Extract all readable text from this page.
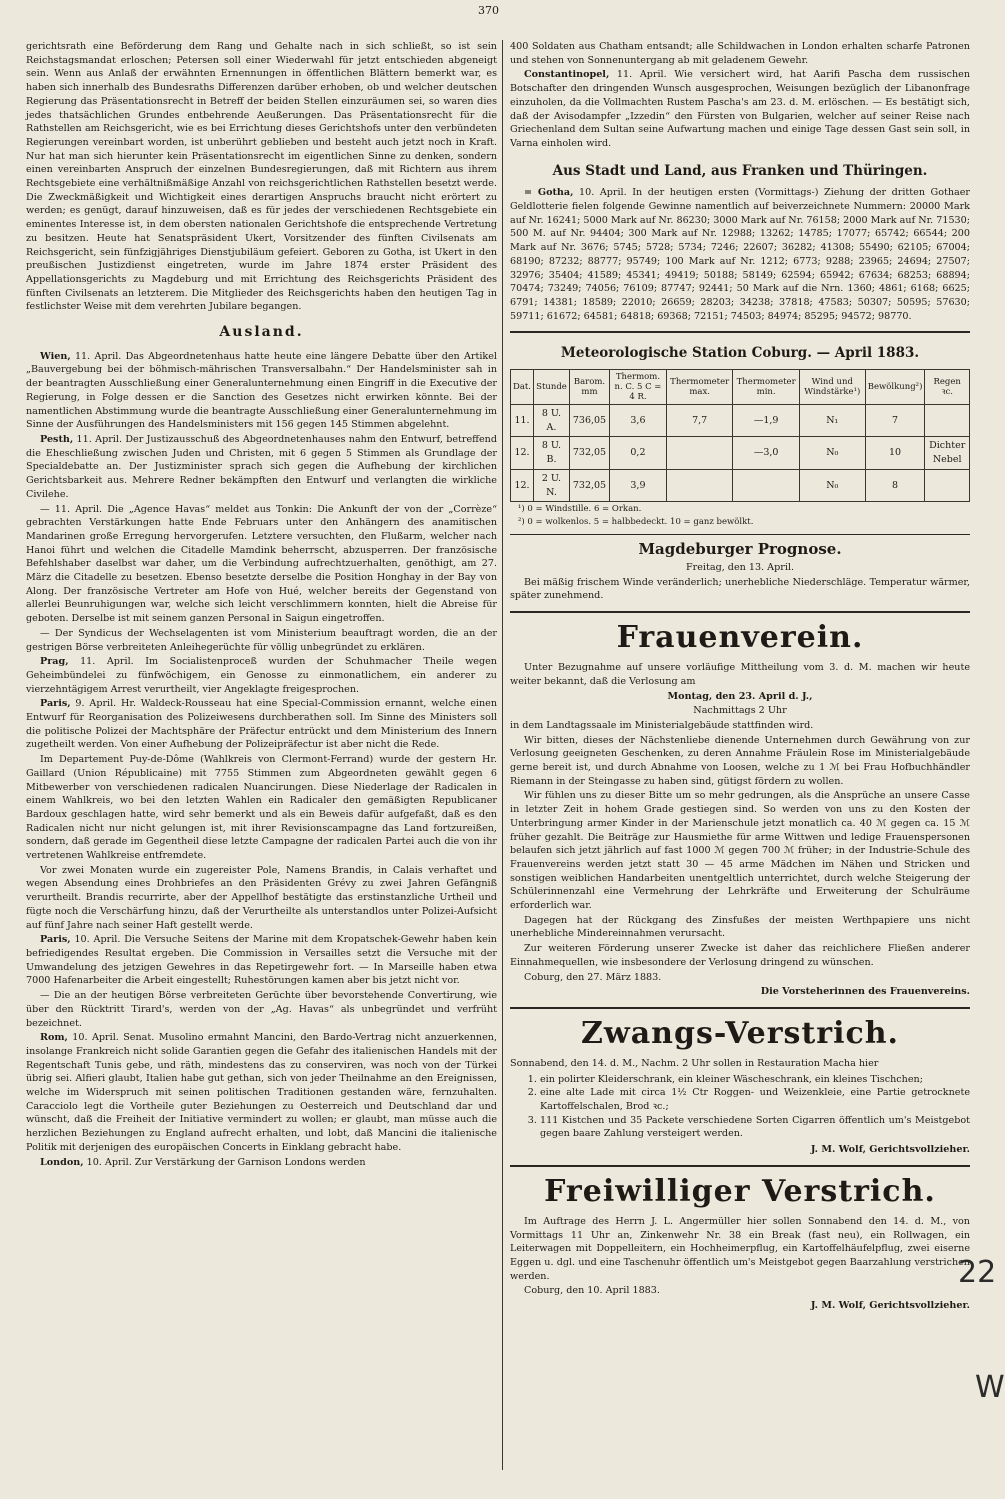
370

gerichtsrath eine Beförderung dem Rang und Gehalte nach in sich schließt, so ist sein Reichstagsmandat erloschen; Petersen soll einer Wiederwahl für jetzt entschieden abgeneigt sein. Wenn aus Anlaß der erwähnten Ernennungen in öffentlichen Blättern bemerkt war, es haben sich innerhalb des Bundesraths Differenzen darüber erhoben, ob und welcher deutschen Regierung das Präsentationsrecht in Betreff der beiden Stellen einzuräumen sei, so waren dies jedes thatsächlichen Grundes entbehrende Aeußerungen. Das Präsentationsrecht für die Rathstellen am Reichsgericht, wie es bei Errichtung dieses Gerichtshofs unter den verbündeten Regierungen vereinbart worden, ist unberührt geblieben und besteht auch jetzt noch in Kraft. Nur hat man sich hierunter kein Präsentationsrecht im eigentlichen Sinne zu denken, sondern einen vereinbarten Anspruch der einzelnen Bundesregierungen, daß mit Richtern aus ihrem Rechtsgebiete eine verhältnißmäßige Anzahl von reichsgerichtlichen Rathstellen besetzt werde. Die Zweckmäßigkeit und Wichtigkeit eines derartigen Anspruchs braucht nicht erörtert zu werden; es genügt, darauf hinzuweisen, daß es für jedes der verschiedenen Rechtsgebiete ein eminentes Interesse ist, in dem obersten nationalen Gerichtshofe die entsprechende Vertretung zu besitzen. Heute hat Senatspräsident Ukert, Vorsitzender des fünften Civilsenats am Reichsgericht, sein fünfzigjähriges Dienstjubiläum gefeiert. Geboren zu Gotha, ist Ukert in den preußischen Justizdienst eingetreten, wurde im Jahre 1874 erster Präsident des Appellationsgerichts zu Magdeburg und mit Errichtung des Reichsgerichts Präsident des fünften Civilsenats an letzterem. Die Mitglieder des Reichsgerichts haben den heutigen Tag in festlichster Weise mit dem verehrten Jubilare begangen.

Ausland.

Wien, 11. April. Das Abgeordnetenhaus hatte heute eine längere Debatte über den Artikel „Bauvergebung bei der böhmisch-mährischen Transversalbahn.“ Der Handelsminister sah in der beantragten Ausschließung einer Generalunternehmung einen Eingriff in die Executive der Regierung, in Folge dessen er die Sanction des Gesetzes nicht erwirken könnte. Bei der namentlichen Abstimmung wurde die beantragte Ausschließung einer Generalunternehmung im Sinne der Ausführungen des Handelsministers mit 156 gegen 145 Stimmen abgelehnt.

Pesth, 11. April. Der Justizausschuß des Abgeordnetenhauses nahm den Entwurf, betreffend die Eheschließung zwischen Juden und Christen, mit 6 gegen 5 Stimmen als Grundlage der Specialdebatte an. Der Justizminister sprach sich gegen die Aufhebung der kirchlichen Gerichtsbarkeit aus. Mehrere Redner bekämpften den Entwurf und verlangten die wirkliche Civilehe.

— 11. April. Die „Agence Havas“ meldet aus Tonkin: Die Ankunft der von der „Corrèze“ gebrachten Verstärkungen hatte Ende Februars unter den Anhängern des anamitischen Mandarinen große Erregung hervorgerufen. Letztere versuchten, den Flußarm, welcher nach Hanoi führt und welchen die Citadelle Mamdink beherrscht, abzusperren. Der französische Befehlshaber daselbst war daher, um die Verbindung aufrechtzuerhalten, genöthigt, am 27. März die Citadelle zu besetzen. Ebenso besetzte derselbe die Position Honghay in der Bay von Along. Der französische Vertreter am Hofe von Hué, welcher bereits der Gegenstand von allerlei Beunruhigungen war, welche sich leicht verschlimmern konnten, hielt die Abreise für geboten. Derselbe ist mit seinem ganzen Personal in Saigun eingetroffen.

— Der Syndicus der Wechselagenten ist vom Ministerium beauftragt worden, die an der gestrigen Börse verbreiteten Anleihegerüchte für völlig unbegründet zu erklären.

Prag, 11. April. Im Socialistenproceß wurden der Schuhmacher Theile wegen Geheimbündelei zu fünfwöchigem, ein Genosse zu einmonatlichem, ein anderer zu vierzehntägigem Arrest verurtheilt, vier Angeklagte freigesprochen.

Paris, 9. April. Hr. Waldeck-Rousseau hat eine Special-Commission ernannt, welche einen Entwurf für Reorganisation des Polizeiwesens durchberathen soll. Im Sinne des Ministers soll die politische Polizei der Machtsphäre der Präfectur entrückt und dem Ministerium des Innern zugetheilt werden. Von einer Aufhebung der Polizeipräfectur ist aber nicht die Rede.

Im Departement Puy-de-Dôme (Wahlkreis von Clermont-Ferrand) wurde der gestern Hr. Gaillard (Union Républicaine) mit 7755 Stimmen zum Abgeordneten gewählt gegen 6 Mitbewerber von verschiedenen radicalen Nuancirungen. Diese Niederlage der Radicalen in einem Wahlkreis, wo bei den letzten Wahlen ein Radicaler den gemäßigten Republicaner Bardoux geschlagen hatte, wird sehr bemerkt und als ein Beweis dafür aufgefaßt, daß es den Radicalen nicht nur nicht gelungen ist, mit ihrer Revisionscampagne das Land fortzureißen, sondern, daß gerade im Gegentheil diese letzte Campagne der radicalen Partei auch die von ihr vertretenen Wahlkreise entfremdete.

Vor zwei Monaten wurde ein zugereister Pole, Namens Brandis, in Calais verhaftet und wegen Absendung eines Drohbriefes an den Präsidenten Grévy zu zwei Jahren Gefängniß verurtheilt. Brandis recurrirte, aber der Appellhof bestätigte das erstinstanzliche Urtheil und fügte noch die Verschärfung hinzu, daß der Verurtheilte als unterstandlos unter Polizei-Aufsicht auf fünf Jahre nach seiner Haft gestellt werde.

Paris, 10. April. Die Versuche Seitens der Marine mit dem Kropatschek-Gewehr haben kein befriedigendes Resultat ergeben. Die Commission in Versailles setzt die Versuche mit der Umwandelung des jetzigen Gewehres in das Repetirgewehr fort. — In Marseille haben etwa 7000 Hafenarbeiter die Arbeit eingestellt; Ruhestörungen kamen aber bis jetzt nicht vor.

— Die an der heutigen Börse verbreiteten Gerüchte über bevorstehende Convertirung, wie über den Rücktritt Tirard's, werden von der „Ag. Havas“ als unbegründet und verfrüht bezeichnet.

Rom, 10. April. Senat. Musolino ermahnt Mancini, den Bardo-Vertrag nicht anzuerkennen, insolange Frankreich nicht solide Garantien gegen die Gefahr des italienischen Handels mit der Regentschaft Tunis gebe, und räth, mindestens das zu conserviren, was noch von der Türkei übrig sei. Alfieri glaubt, Italien habe gut gethan, sich von jeder Theilnahme an den Ereignissen, welche im Widerspruch mit seinen politischen Traditionen gestanden wäre, fernzuhalten. Caracciolo legt die Vortheile guter Beziehungen zu Oesterreich und Deutschland dar und wünscht, daß die Freiheit der Initiative vermindert zu wollen; er glaubt, man müsse auch die herzlichen Beziehungen zu England aufrecht erhalten, und lobt, daß Mancini die italienische Politik mit derjenigen des europäischen Concerts in Einklang gebracht habe.

London, 10. April. Zur Verstärkung der Garnison Londons werden

400 Soldaten aus Chatham entsandt; alle Schildwachen in London erhalten scharfe Patronen und stehen von Sonnenuntergang ab mit geladenem Gewehr.

Constantinopel, 11. April. Wie versichert wird, hat Aarifi Pascha dem russischen Botschafter den dringenden Wunsch ausgesprochen, Weisungen bezüglich der Libanonfrage einzuholen, da die Vollmachten Rustem Pascha's am 23. d. M. erlöschen. — Es bestätigt sich, daß der Avisodampfer „Izzedin“ den Fürsten von Bulgarien, welcher auf seiner Reise nach Griechenland dem Sultan seine Aufwartung machen und einige Tage dessen Gast sein soll, in Varna einholen wird.

Aus Stadt und Land, aus Franken und Thüringen.

= Gotha, 10. April. In der heutigen ersten (Vormittags-) Ziehung der dritten Gothaer Geldlotterie fielen folgende Gewinne namentlich auf beiverzeichnete Nummern: 20000 Mark auf Nr. 16241; 5000 Mark auf Nr. 86230; 3000 Mark auf Nr. 76158; 2000 Mark auf Nr. 71530; 500 M. auf Nr. 94404; 300 Mark auf Nr. 12988; 13262; 14785; 17077; 65742; 66544; 200 Mark auf Nr. 3676; 5745; 5728; 5734; 7246; 22607; 36282; 41308; 55490; 62105; 67004; 68190; 87232; 88777; 95749; 100 Mark auf Nr. 1212; 6773; 9288; 23965; 24694; 27507; 32976; 35404; 41589; 45341; 49419; 50188; 58149; 62594; 65942; 67634; 68253; 68894; 70474; 73249; 74056; 76109; 87747; 92441; 50 Mark auf die Nrn. 1360; 4861; 6168; 6625; 6791; 14381; 18589; 22010; 26659; 28203; 34238; 37818; 47583; 50307; 50595; 57630; 59711; 61672; 64581; 64818; 69368; 72151; 74503; 84974; 85295; 94572; 98770.

Meteorologische Station Coburg. — April 1883.
Dat.	Stunde	Barom. mm	Thermom. n. C. 5 C = 4 R.	Thermometer max.	Thermometer min.	Wind und Windstärke¹)	Bewölkung²)	Regen ꝛc.
11.	8 U. A.	736,05	3,6	7,7	—1,9	N₁	7	
12.	8 U. B.	732,05	0,2		—3,0	N₀	10	Dichter Nebel
12.	2 U. N.	732,05	3,9			N₀	8	
¹) 0 = Windstille. 6 = Orkan.
²) 0 = wolkenlos. 5 = halbbedeckt. 10 = ganz bewölkt.
Magdeburger Prognose.

Freitag, den 13. April.

Bei mäßig frischem Winde veränderlich; unerhebliche Niederschläge. Temperatur wärmer, später zunehmend.

Frauenverein.

Unter Bezugnahme auf unsere vorläufige Mittheilung vom 3. d. M. machen wir heute weiter bekannt, daß die Verlosung am

Montag, den 23. April d. J.,

Nachmittags 2 Uhr

in dem Landtagssaale im Ministerialgebäude stattfinden wird.

Wir bitten, dieses der Nächstenliebe dienende Unternehmen durch Gewährung von zur Verlosung geeigneten Geschenken, zu deren Annahme Fräulein Rose im Ministerialgebäude gerne bereit ist, und durch Abnahme von Loosen, welche zu 1 ℳ bei Frau Hofbuchhändler Riemann in der Steingasse zu haben sind, gütigst fördern zu wollen.

Wir fühlen uns zu dieser Bitte um so mehr gedrungen, als die Ansprüche an unsere Casse in letzter Zeit in hohem Grade gestiegen sind. So werden von uns zu den Kosten der Unterbringung armer Kinder in der Marienschule jetzt monatlich ca. 40 ℳ gegen ca. 15 ℳ früher gezahlt. Die Beiträge zur Hausmiethe für arme Wittwen und ledige Frauenspersonen belaufen sich jetzt jährlich auf fast 1000 ℳ gegen 700 ℳ früher; in der Industrie-Schule des Frauenvereins werden jetzt statt 30 — 45 arme Mädchen im Nähen und Stricken und sonstigen weiblichen Handarbeiten unentgeltlich unterrichtet, durch welche Steigerung der Schülerinnenzahl eine Vermehrung der Lehrkräfte und Erweiterung der Schulräume erforderlich war.

Dagegen hat der Rückgang des Zinsfußes der meisten Werthpapiere uns nicht unerhebliche Mindereinnahmen verursacht.

Zur weiteren Förderung unserer Zwecke ist daher das reichlichere Fließen anderer Einnahmequellen, wie insbesondere der Verlosung dringend zu wünschen.

Coburg, den 27. März 1883.

Die Vorsteherinnen des Frauenvereins.

Zwangs-Verstrich.

Sonnabend, den 14. d. M., Nachm. 2 Uhr sollen in Restauration Macha hier

1. ein polirter Kleiderschrank, ein kleiner Wäscheschrank, ein kleines Tischchen;
2. eine alte Lade mit circa 1½ Ctr Roggen- und Weizenkleie, eine Partie getrocknete Kartoffelschalen, Brod ꝛc.;
3. 111 Kistchen und 35 Packete verschiedene Sorten Cigarren öffentlich um's Meistgebot gegen baare Zahlung versteigert werden.

J. M. Wolf, Gerichtsvollzieher.

Freiwilliger Verstrich.

Im Auftrage des Herrn J. L. Angermüller hier sollen Sonnabend den 14. d. M., von Vormittags 11 Uhr an, Zinkenwehr Nr. 38 ein Break (fast neu), ein Rollwagen, ein Leiterwagen mit Doppelleitern, ein Hochheimerpflug, ein Kartoffelhäufelpflug, zwei eiserne Eggen u. dgl. und eine Taschenuhr öffentlich um's Meistgebot gegen Baarzahlung verstrichen werden.

Coburg, den 10. April 1883.

J. M. Wolf, Gerichtsvollzieher.

22
W
